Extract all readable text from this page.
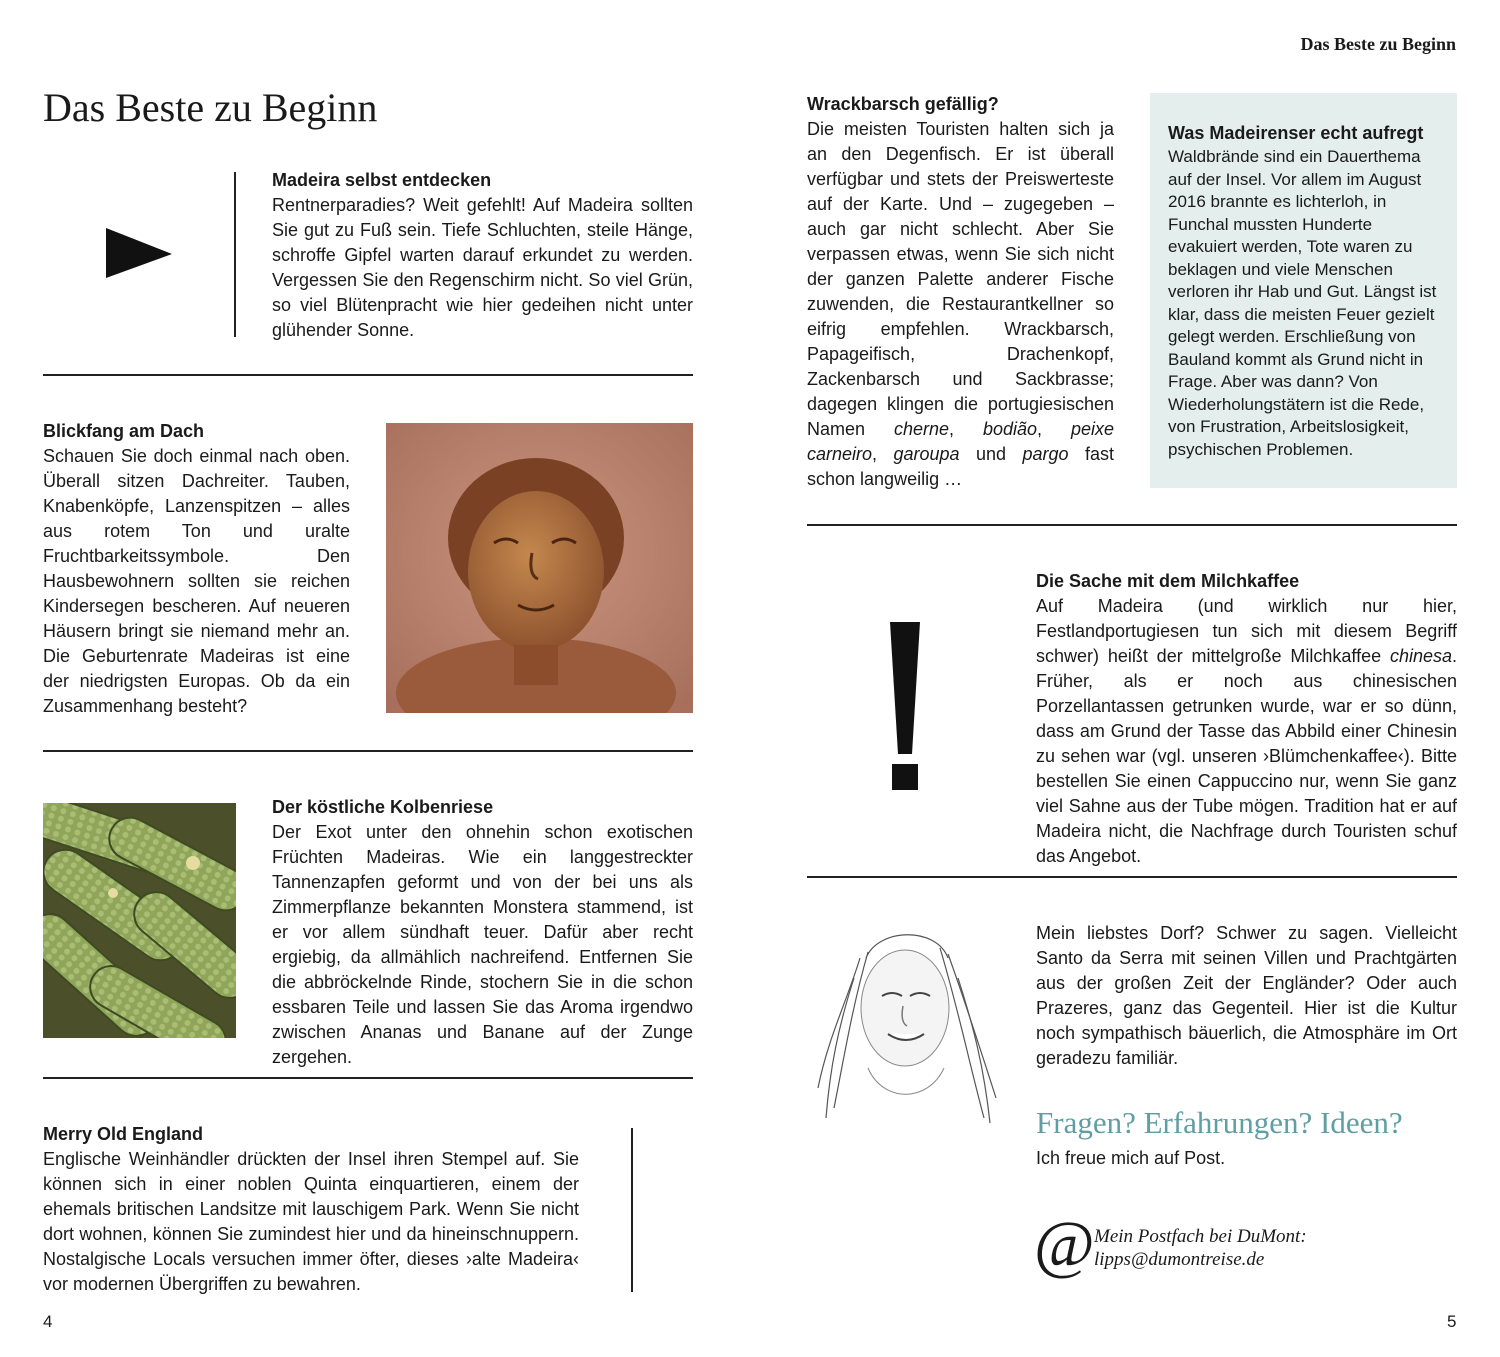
Das Beste zu Beginn
Das Beste zu Beginn

Madeira selbst entdecken

Rentnerparadies? Weit gefehlt! Auf Madeira sollten Sie gut zu Fuß sein. Tiefe Schluchten, steile Hänge, schroffe Gipfel warten darauf erkundet zu werden. Vergessen Sie den Regenschirm nicht. So viel Grün, so viel Blütenpracht wie hier gedeihen nicht unter glühender Sonne.

Blickfang am Dach

Schauen Sie doch einmal nach oben. Überall sitzen Dachreiter. Tauben, Knabenköpfe, Lanzenspitzen – alles aus rotem Ton und uralte Fruchtbarkeitssymbole. Den Hausbewohnern sollten sie reichen Kindersegen bescheren. Auf neueren Häusern bringt sie niemand mehr an. Die Geburtenrate Madeiras ist eine der niedrigsten Europas. Ob da ein Zusammenhang besteht?

Der köstliche Kolbenriese

Der Exot unter den ohnehin schon exotischen Früchten Madeiras. Wie ein langgestreckter Tannenzapfen geformt und von der bei uns als Zimmerpflanze bekannten Monstera stammend, ist er vor allem sündhaft teuer. Dafür aber recht ergiebig, da allmählich nachreifend. Entfernen Sie die abbröckelnde Rinde, stochern Sie in die schon essbaren Teile und lassen Sie das Aroma irgendwo zwischen Ananas und Banane auf der Zunge zergehen.

Merry Old England

Englische Weinhändler drückten der Insel ihren Stempel auf. Sie können sich in einer noblen Quinta einquartieren, einem der ehemals britischen Landsitze mit lauschigem Park. Wenn Sie nicht dort wohnen, können Sie zumindest hier und da hineinschnuppern. Nostalgische Locals versuchen immer öfter, dieses ›alte Madeira‹ vor modernen Übergriffen zu bewahren.

4

Wrackbarsch gefällig?

Die meisten Touristen halten sich ja an den Degenfisch. Er ist überall verfügbar und stets der Preiswerteste auf der Karte. Und – zugegeben – auch gar nicht schlecht. Aber Sie verpassen etwas, wenn Sie sich nicht der ganzen Palette anderer Fische zuwenden, die Restaurantkellner so eifrig empfehlen. Wrackbarsch, Papageifisch, Drachenkopf, Zackenbarsch und Sackbrasse; dagegen klingen die portugiesischen Namen cherne, bodião, peixe carneiro, garoupa und pargo fast schon langweilig …

Was Madeirenser echt aufregt

Waldbrände sind ein Dauerthema auf der Insel. Vor allem im August 2016 brannte es lichterloh, in Funchal mussten Hunderte evakuiert werden, Tote waren zu beklagen und viele Menschen verloren ihr Hab und Gut. Längst ist klar, dass die meisten Feuer gezielt gelegt werden. Erschließung von Bauland kommt als Grund nicht in Frage. Aber was dann? Von Wiederholungstätern ist die Rede, von Frustration, Arbeitslosigkeit, psychischen Problemen.

Die Sache mit dem Milchkaffee

Auf Madeira (und wirklich nur hier, Festlandportugiesen tun sich mit diesem Begriff schwer) heißt der mittelgroße Milchkaffee chinesa. Früher, als er noch aus chinesischen Porzellantassen getrunken wurde, war er so dünn, dass am Grund der Tasse das Abbild einer Chinesin zu sehen war (vgl. unseren ›Blümchenkaffee‹). Bitte bestellen Sie einen Cappuccino nur, wenn Sie ganz viel Sahne aus der Tube mögen. Tradition hat er auf Madeira nicht, die Nachfrage durch Touristen schuf das Angebot.

Mein liebstes Dorf? Schwer zu sagen. Vielleicht Santo da Serra mit seinen Villen und Prachtgärten aus der großen Zeit der Engländer? Oder auch Prazeres, ganz das Gegenteil. Hier ist die Kultur noch sympathisch bäuerlich, die Atmosphäre im Ort geradezu familiär.

Fragen? Erfahrungen? Ideen?

Ich freue mich auf Post.

@ Mein Postfach bei DuMont:

lipps@dumontreise.de

5
